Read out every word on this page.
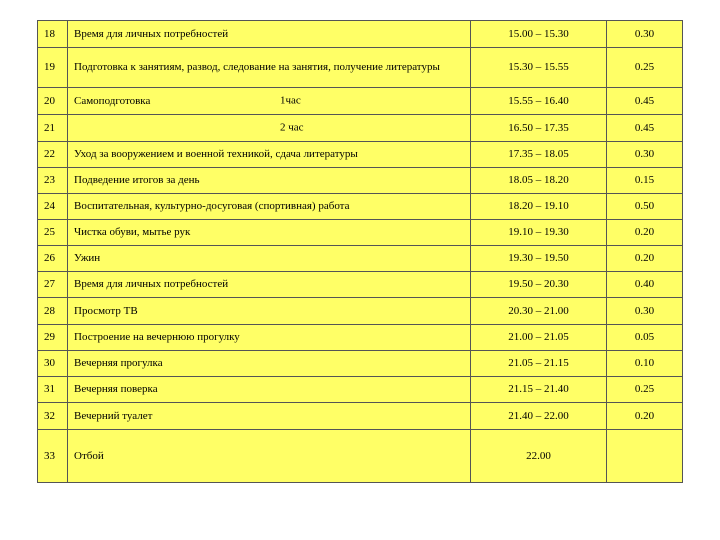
18	Время для личных потребностей	15.00 – 15.30	0.30
19	Подготовка к занятиям, развод, следование на занятия, получение литературы	15.30 – 15.55	0.25
20	Самоподготовка 1час	15.55 – 16.40	0.45
21	2 час	16.50 – 17.35	0.45
22	Уход за вооружением и военной техникой, сдача литературы	17.35 – 18.05	0.30
23	Подведение итогов за день	18.05 – 18.20	0.15
24	Воспитательная, культурно-досуговая (спортивная) работа	18.20 – 19.10	0.50
25	Чистка обуви, мытье рук	19.10 – 19.30	0.20
26	Ужин	19.30 – 19.50	0.20
27	Время для личных потребностей	19.50 – 20.30	0.40
28	Просмотр ТВ	20.30 – 21.00	0.30
29	Построение на вечернюю прогулку	21.00 – 21.05	0.05
30	Вечерняя прогулка	21.05 – 21.15	0.10
31	Вечерняя поверка	21.15 – 21.40	0.25
32	Вечерний туалет	21.40 – 22.00	0.20
33	Отбой	22.00	
